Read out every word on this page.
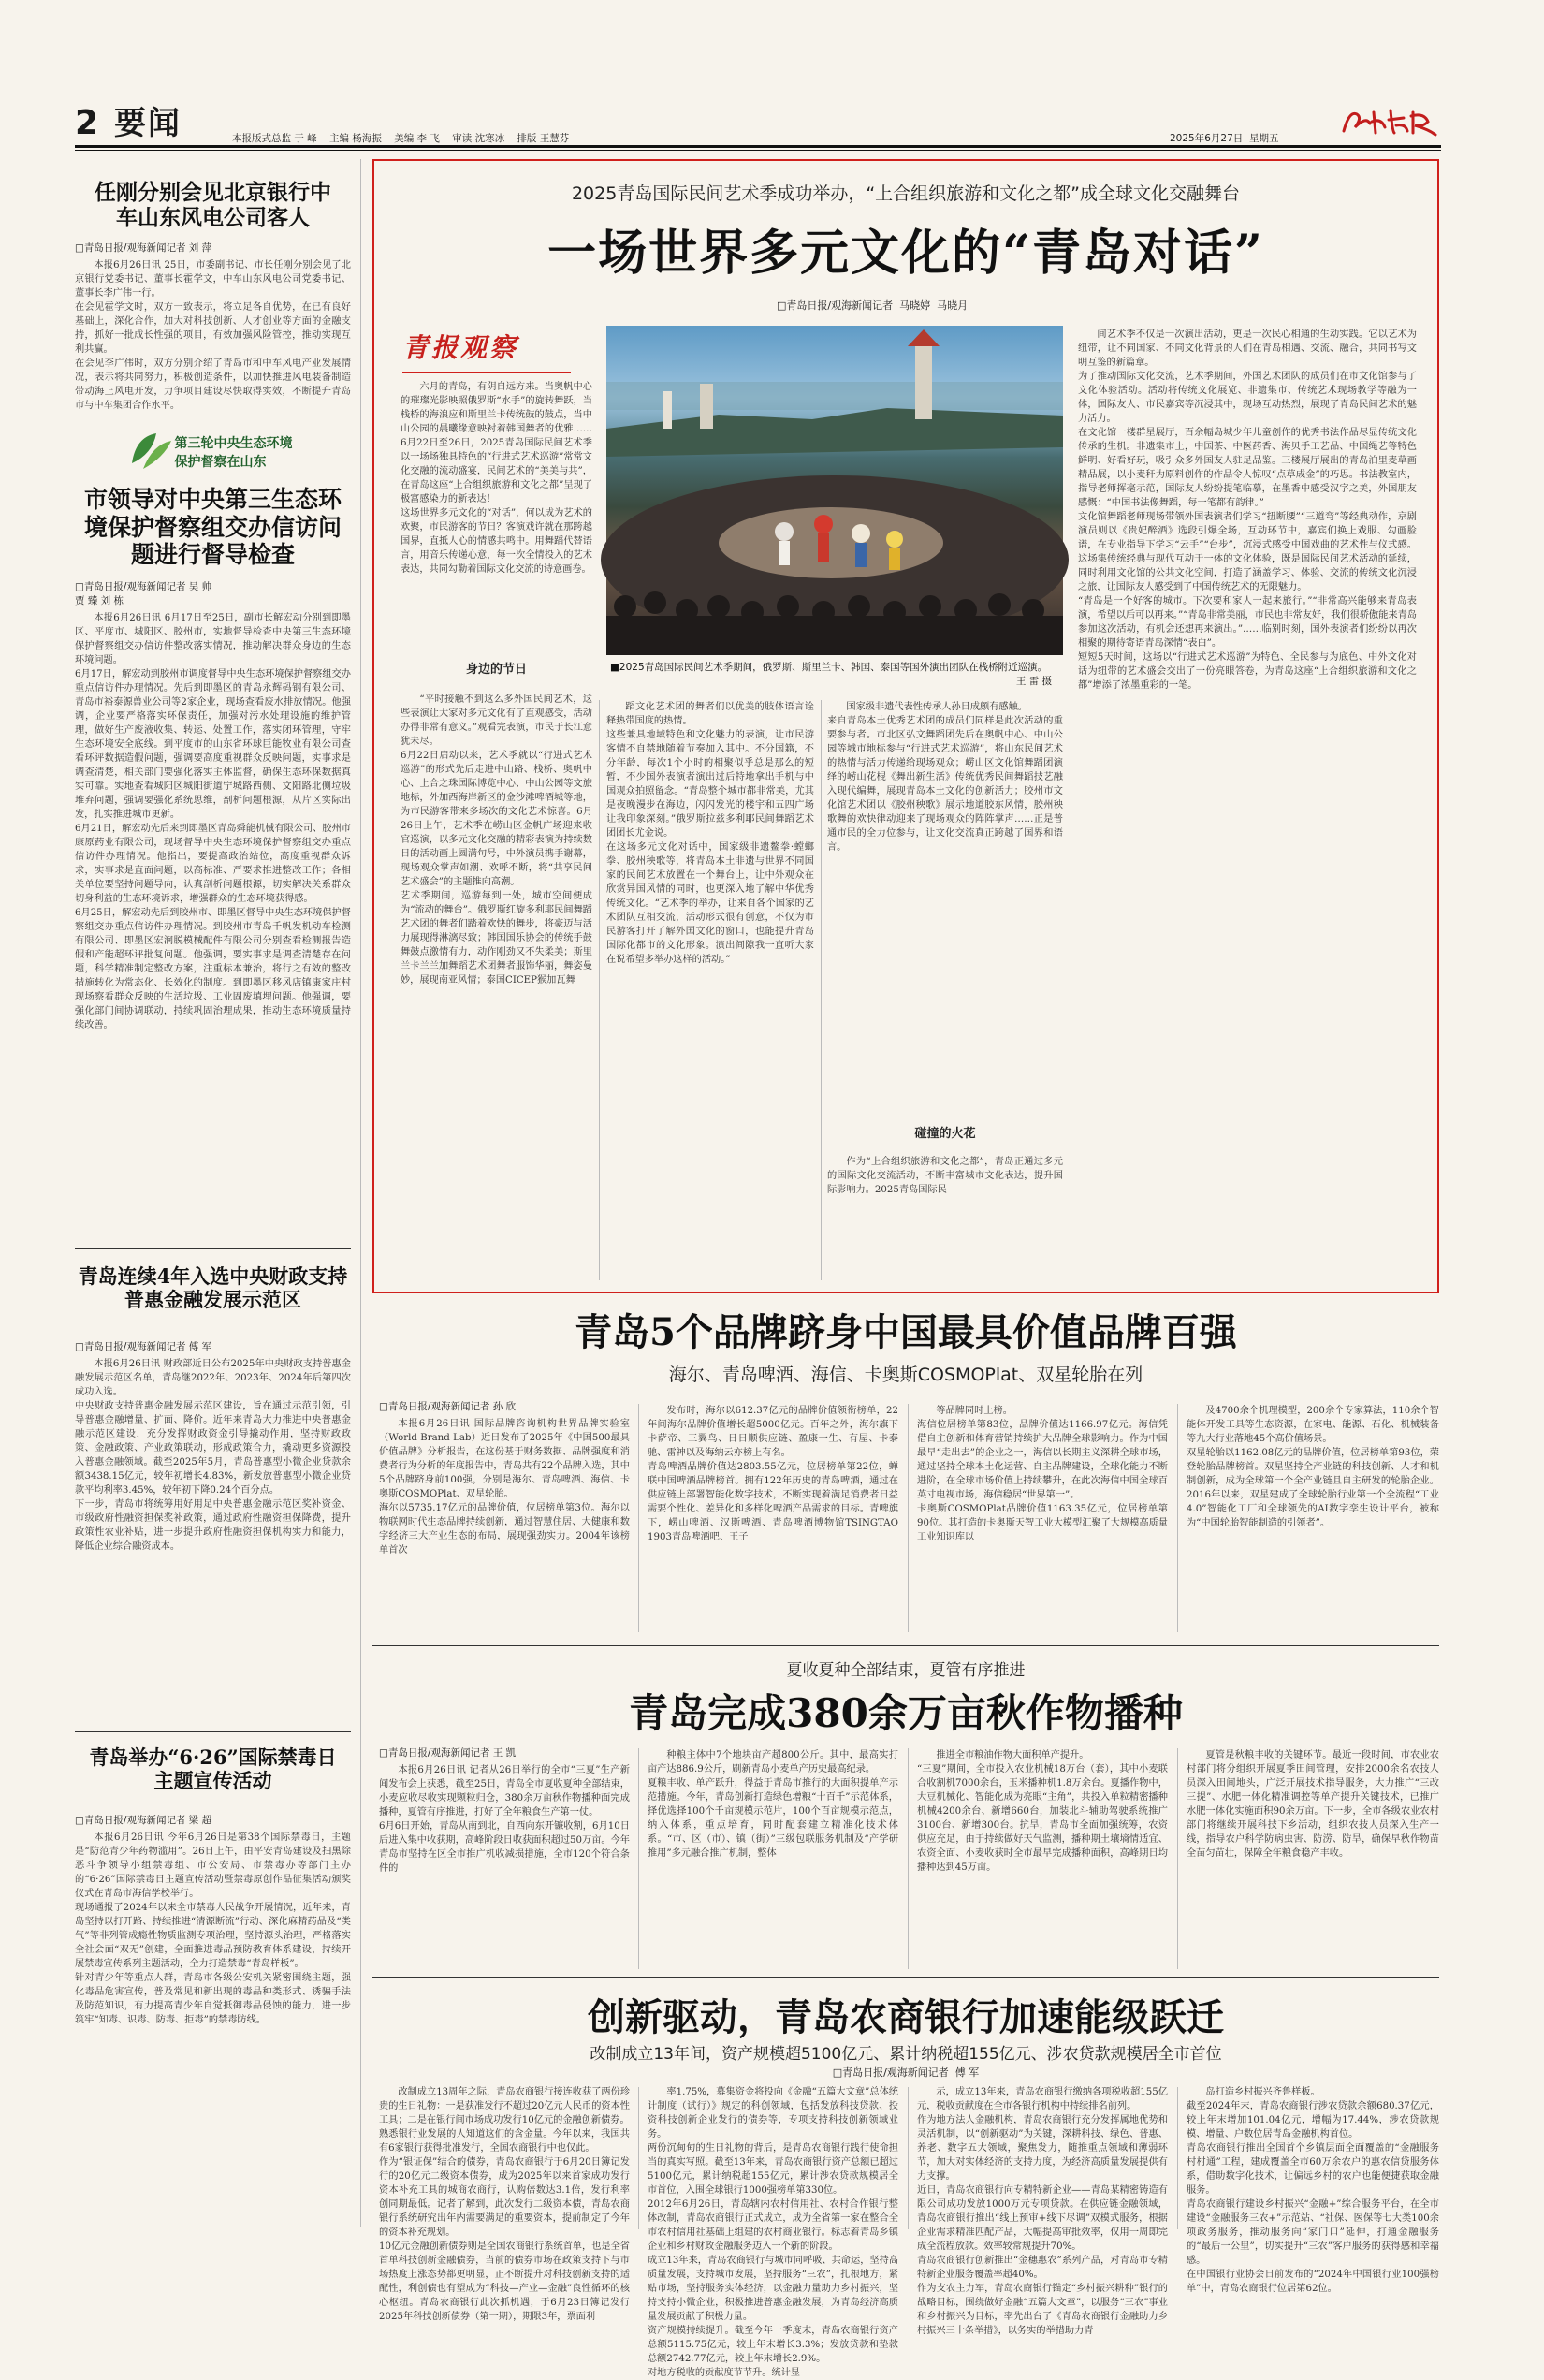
2 要闻	本报版式总监 于 峰    主编 杨海振    美编 李 飞    审读 沈寒冰    排版 王慧芬	2025年6月27日 星期五
任刚分别会见北京银行中车山东风电公司客人

□青岛日报/观海新闻记者 刘 萍

本报6月26日讯 25日，市委副书记、市长任刚分别会见了北京银行党委书记、董事长霍学文，中车山东风电公司党委书记、董事长李广伟一行。
在会见霍学文时，双方一致表示，将立足各自优势，在已有良好基础上，深化合作，加大对科技创新、人才创业等方面的金融支持，抓好一批成长性强的项目，有效加强风险管控，推动实现互利共赢。
在会见李广伟时，双方分别介绍了青岛市和中车风电产业发展情况，表示将共同努力，积极创造条件，以加快推进风电装备制造带动海上风电开发，力争项目建设尽快取得实效，不断提升青岛市与中车集团合作水平。

第三轮中央生态环境
保护督察在山东
市领导对中央第三生态环境保护督察组交办信访问题进行督导检查

□青岛日报/观海新闻记者 吴 帅
贾 臻 刘 栋

本报6月26日讯 6月17日至25日，副市长解宏动分别到即墨区、平度市、城阳区、胶州市，实地督导检查中央第三生态环境保护督察组交办信访件整改落实情况，推动解决群众身边的生态环境问题。
6月17日，解宏动到胶州市调度督导中央生态环境保护督察组交办重点信访件办理情况。先后到即墨区的青岛永辉码钢有限公司、青岛市裕泰源兽业公司等2家企业，现场查看废水排放情况。他强调，企业要严格落实环保责任，加强对污水处理设施的维护管理，做好生产废液收集、转运、处置工作，落实闭环管理，守牢生态环境安全底线。到平度市的山东省环球巨能牧业有限公司查看环评数据造假问题，强调要高度重视群众反映问题，实事求是调查清楚，相关部门要强化落实主体监督，确保生态环保数据真实可靠。实地查看城阳区城阳街道宁城路西侧、文阳路北侧垃圾堆弃问题，强调要强化系统思维，剖析问题根源，从片区实际出发，扎实推进城市更新。
6月21日，解宏动先后来到即墨区青岛舜能机械有限公司、胶州市康原药业有限公司，现场督导中央生态环境保护督察组交办重点信访件办理情况。他指出，要提高政治站位，高度重视群众诉求，实事求是直面问题，以高标准、严要求推进整改工作；各相关单位要坚持问题导向，认真剖析问题根源，切实解决关系群众切身利益的生态环境诉求，增强群众的生态环境获得感。
6月25日，解宏动先后到胶州市、即墨区督导中央生态环境保护督察组交办重点信访件办理情况。到胶州市青岛千帆发机动车检测有限公司、即墨区宏润脱模械配件有限公司分别查看检测报告造假和产能超环评批复问题。他强调，要实事求是调查清楚存在问题，科学精准制定整改方案，注重标本兼治，将行之有效的整改措施转化为常态化、长效化的制度。到即墨区移风店镇康家庄村现场察看群众反映的生活垃圾、工业固废填埋问题。他强调，要强化部门间协调联动，持续巩固治理成果，推动生态环境质量持续改善。

青岛连续4年入选中央财政支持普惠金融发展示范区

□青岛日报/观海新闻记者 傅 军

本报6月26日讯 财政部近日公布2025年中央财政支持普惠金融发展示范区名单，青岛继2022年、2023年、2024年后第四次成功入选。
中央财政支持普惠金融发展示范区建设，旨在通过示范引领，引导普惠金融增量、扩面、降价。近年来青岛大力推进中央普惠金融示范区建设，充分发挥财政资金引导撬动作用，坚持财政政策、金融政策、产业政策联动，形成政策合力，撬动更多资源投入普惠金融领域。截至2025年5月，青岛普惠型小微企业贷款余额3438.15亿元，较年初增长4.83%，新发放普惠型小微企业贷款平均利率3.45%，较年初下降0.24个百分点。
下一步，青岛市将统筹用好用足中央普惠金融示范区奖补资金、市级政府性融资担保奖补政策，通过政府性融资担保降费，提升政策性农业补贴，进一步提升政府性融资担保机构实力和能力，降低企业综合融资成本。

青岛举办“6·26”国际禁毒日主题宣传活动

□青岛日报/观海新闻记者 梁 超

本报6月26日讯 今年6月26日是第38个国际禁毒日，主题是“防范青少年药物滥用”。26日上午，由平安青岛建设及扫黑除恶斗争领导小组禁毒组、市公安局、市禁毒办等部门主办的“6·26”国际禁毒日主题宣传活动暨禁毒原创作品征集活动颁奖仪式在青岛市海信学校举行。
现场通报了2024年以来全市禁毒人民战争开展情况，近年来，青岛坚持以打开路、持续推进“清源断流”行动、深化麻精药品及“类气”等非列管成瘾性物质监测专项治理，坚持源头治理，严格落实全社会面“双无”创建，全面推进毒品预防教育体系建设，持续开展禁毒宣传系列主题活动，全力打造禁毒“青岛样板”。
针对青少年等重点人群，青岛市各级公安机关紧密围绕主题，强化毒品危害宣传，普及常见和新出现的毒品种类形式、诱骗手法及防范知识，有力提高青少年自觉抵御毒品侵蚀的能力，进一步筑牢“知毒、识毒、防毒、拒毒”的禁毒防线。

2025青岛国际民间艺术季成功举办，“上合组织旅游和文化之都”成全球文化交融舞台
一场世界多元文化的“青岛对话”
□青岛日报/观海新闻记者  马晓婷  马晓月
青报观察

六月的青岛，有阴自远方来。当奥帆中心的璀璨光影映照俄罗斯“水手”的旋转舞跃，当栈桥的海浪应和斯里兰卡传统鼓的鼓点，当中山公园的晨曦缘意映衬着韩国舞者的优雅……6月22日至26日，2025青岛国际民间艺术季以一场场独具特色的“行进式艺术巡游”常常文化交融的流动盛宴，民间艺术的“美美与共”，在青岛这座“上合组织旅游和文化之都”呈现了极富感染力的新表达！
这场世界多元文化的“对话”，何以成为艺术的欢聚，市民游客的节日？客演戏许就在那跨越国界，直抵人心的情感共鸣中。用舞蹈代替语言，用音乐传递心意，每一次全情投入的艺术表达，共同勾勒着国际文化交流的诗意画卷。

■2025青岛国际民间艺术季期间，俄罗斯、斯里兰卡、韩国、泰国等国外演出团队在栈桥附近巡演。
王 雷 摄
身边的节日

“平时接触不到这么多外国民间艺术，这些表演让大家对多元文化有了直观感受，活动办得非常有意义。”观看完表演，市民于长江意犹未尽。
6月22日启动以来，艺术季就以“行进式艺术巡游”的形式先后走进中山路、栈桥、奥帆中心、上合之珠国际博览中心、中山公园等文旅地标，外加西海岸新区的金沙滩啤酒城等地，为市民游客带来多场次的文化艺术惊喜。6月26日上午，艺术季在崂山区金帆广场迎来收官巡演，以多元文化交融的精彩表演为持续数日的活动画上圆满句号，中外演员携手谢幕，现场观众掌声如潮、欢呼不断，将“共享民间艺术盛会”的主题推向高潮。
艺术季期间，巡游每到一处，城市空间便成为“流动的舞台”。俄罗斯红旋多利耶民间舞蹈艺术团的舞者们踏着欢快的舞步，将豪迈与活力展现得淋漓尽致；韩国国乐协会的传统手鼓舞鼓点激情有力，动作刚劲又不失柔美；斯里兰卡兰兰加舞蹈艺术团舞者服饰华丽，舞姿曼妙，展现南亚风情；泰国CICEP猴加瓦舞

蹈文化艺术团的舞者们以优美的肢体语言诠释热带国度的热情。
这些兼具地域特色和文化魅力的表演，让市民游客情不自禁地随着节奏加入其中。不分国籍，不分年龄，每次1个小时的相聚似乎总是那么的短暂，不少国外表演者演出过后特地拿出手机与中国观众拍照留念。“青岛整个城市都非常美，尤其是夜晚漫步在海边，闪闪发光的楼宇和五四广场让我印象深刻。”俄罗斯拉兹多利耶民间舞蹈艺术团团长尤金说。
在这场多元文化对话中，国家级非遗鳌拳·螳螂拳、胶州秧歌等，将青岛本土非遗与世界不同国家的民间艺术放置在一个舞台上，让中外观众在欣赏异国风情的同时，也更深入地了解中华优秀传统文化。“艺术季的举办，让来自各个国家的艺术团队互相交流，活动形式很有创意，不仅为市民游客打开了解外国文化的窗口，也能提升青岛国际化都市的文化形象。演出间隙我一直听大家在说希望多举办这样的活动。”

国家级非遗代表性传承人孙日成颇有感触。
来自青岛本土优秀艺术团的成员们同样是此次活动的重要参与者。市北区弘文舞蹈团先后在奥帆中心、中山公园等城市地标参与“行进式艺术巡游”，将山东民间艺术的热情与活力传递给现场观众；崂山区文化馆舞蹈团演绎的崂山花棍《舞出新生活》传统优秀民间舞蹈技艺融入现代编舞，展现青岛本土文化的创新活力；胶州市文化馆艺术团以《胶州秧歌》展示地道胶东风情，胶州秧歌舞的欢快律动迎来了现场观众的阵阵掌声……正是普通市民的全力位参与，让文化交流真正跨越了国界和语言。

碰撞的火花

作为“上合组织旅游和文化之都”，青岛正通过多元的国际文化交流活动，不断丰富城市文化表达，提升国际影响力。2025青岛国际民

间艺术季不仅是一次演出活动，更是一次民心相通的生动实践。它以艺术为纽带，让不同国家、不同文化背景的人们在青岛相遇、交流、融合，共同书写文明互鉴的新篇章。
为了推动国际文化交流，艺术季期间，外国艺术团队的成员们在市文化馆参与了文化体验活动。活动将传统文化展览、非遗集市、传统艺术现场教学等融为一体，国际友人、市民嘉宾等沉浸其中，现场互动热烈，展现了青岛民间艺术的魅力活力。
在文化馆一楼群星展厅，百余幅岛城少年儿童创作的优秀书法作品尽显传统文化传承的生机。非遗集市上，中国茶、中医药香、海贝手工艺品、中国绳艺等特色鲜明、好看好玩，吸引众多外国友人驻足品鉴。三楼展厅展出的青岛泊里麦草画精品展，以小麦秆为原料创作的作品令人惊叹“点草成金”的巧思。书法教室内，指导老师挥毫示范，国际友人纷纷提笔临摹，在墨香中感受汉字之美，外国朋友感慨：“中国书法像舞蹈，每一笔都有韵律。”
文化馆舞蹈老师现场带领外国表演者们学习“扭断腰”“三道弯”等经典动作，京剧演员则以《贵妃醉酒》选段引爆全场，互动环节中，嘉宾们换上戏服、勾画脸谱，在专业指导下学习“云手”“台步”，沉浸式感受中国戏曲的艺术性与仪式感。这场集传统经典与现代互动于一体的文化体验，既是国际民间艺术活动的延续，同时利用文化馆的公共文化空间，打造了涵盖学习、体验、交流的传统文化沉浸之旅，让国际友人感受到了中国传统艺术的无限魅力。
“青岛是一个好客的城市。下次要和家人一起来旅行。”“非常高兴能够来青岛表演，希望以后可以再来。”“青岛非常美丽，市民也非常友好，我们很骄傲能来青岛参加这次活动，有机会还想再来演出。”……临别时刻，国外表演者们纷纷以再次相聚的期待寄语青岛深情“表白”。
短短5天时间，这场以“行进式艺术巡游”为特色、全民参与为底色、中外文化对话为纽带的艺术盛会交出了一份亮眼答卷，为青岛这座“上合组织旅游和文化之都”增添了浓墨重彩的一笔。

青岛5个品牌跻身中国最具价值品牌百强
海尔、青岛啤酒、海信、卡奥斯COSMOPlat、双星轮胎在列

□青岛日报/观海新闻记者 孙 欣

本报6月26日讯 国际品牌咨询机构世界品牌实验室（World Brand Lab）近日发布了2025年《中国500最具价值品牌》分析报告，在这份基于财务数据、品牌强度和消费者行为分析的年度报告中，青岛共有22个品牌入选，其中5个品牌跻身前100强，分别是海尔、青岛啤酒、海信、卡奥斯COSMOPlat、双星轮胎。
海尔以5735.17亿元的品牌价值，位居榜单第3位。海尔以物联网时代生态品牌持续创新，通过智慧住居、大健康和数字经济三大产业生态的布局，展现强劲实力。2004年该榜单首次

发布时，海尔以612.37亿元的品牌价值领衔榜单，22年间海尔品牌价值增长超5000亿元。百年之外，海尔旗下卡萨帝、三翼鸟、日日顺供应链、盈康一生、有屋、卡泰驰、雷神以及海纳云亦榜上有名。
青岛啤酒品牌价值达2803.55亿元，位居榜单第22位，蝉联中国啤酒品牌榜首。拥有122年历史的青岛啤酒，通过在供应链上部署智能化数字技术，不断实现着满足消费者日益需要个性化、差异化和多样化啤酒产品需求的目标。青啤旗下，崂山啤酒、汉斯啤酒、青岛啤酒博物馆TSINGTAO 1903青岛啤酒吧、王子

等品牌同时上榜。
海信位居榜单第83位，品牌价值达1166.97亿元。海信凭借自主创新和体育营销持续扩大品牌全球影响力。作为中国最早“走出去”的企业之一，海信以长期主义深耕全球市场，通过坚持全球本土化运营、自主品牌建设，全球化能力不断进阶，在全球市场价值上持续攀升，在此次海信中国全球百英寸电视市场，海信稳居“世界第一”。
卡奥斯COSMOPlat品牌价值1163.35亿元，位居榜单第90位。其打造的卡奥斯天智工业大模型汇聚了大规模高质量工业知识库以

及4700余个机理模型，200余个专家算法，110余个智能体开发工具等生态资源，在家电、能源、石化、机械装备等九大行业落地45个高价值场景。
双星轮胎以1162.08亿元的品牌价值，位居榜单第93位，荣登轮胎品牌榜首。双星坚持全产业链的科技创新、人才和机制创新，成为全球第一个全产业链且自主研发的轮胎企业。2016年以来，双星建成了全球轮胎行业第一个全流程“工业4.0”智能化工厂和全球领先的AI数字孪生设计平台，被称为“中国轮胎智能制造的引领者”。

夏收夏种全部结束，夏管有序推进
青岛完成380余万亩秋作物播种

□青岛日报/观海新闻记者 王 凯

本报6月26日讯 记者从26日举行的全市“三夏”生产新闻发布会上获悉，截至25日，青岛全市夏收夏种全部结束，小麦应收尽收实现颗粒归仓，380余万亩秋作物播种面完成播种，夏管有序推进，打好了全年粮食生产第一仗。
6月6日开始，青岛从南到北，自西向东开镰收割，6月10日后进入集中收获期，高峰阶段日收获面积超过50万亩。今年青岛市坚持在区全市推广机收减损措施，全市120个符合条件的

种粮主体中7个地块亩产超800公斤。其中，最高实打亩产达886.9公斤，刷新青岛小麦单产历史最高纪录。
夏粮丰收、单产跃升，得益于青岛市推行的大面积提单产示范措施。今年，青岛创新打造绿色增粮“十百千”示范体系，择优选择100个千亩规模示范片，100个百亩规模示范点，纳入体系，重点培育，同时配套建立精准化技术体系。“市、区（市）、镇（街）”三级包联服务机制及“产学研推用”多元融合推广机制，整体

推进全市粮油作物大面积单产提升。
“三夏”期间，全市投入农业机械18万台（套），其中小麦联合收割机7000余台，玉米播种机1.8万余台。夏播作物中，大豆机械化、智能化成为亮眼“主角”，共投入单粒精密播种机械4200余台、新增660台，加装北斗辅助驾驶系统推广3100台、新增300台。抗旱，青岛市全面加强统筹，农资供应充足，由于持续做好天气监测，播种期土壤墒情适宜、农资全面、小麦收获时全市最早完成播种面积，高峰期日均播种达到45万亩。

夏管是秋粮丰收的关键环节。最近一段时间，市农业农村部门将分组织开展夏季田间管理，安排2000余名农技人员深入田间地头，广泛开展技术指导服务，大力推广“三改三提”、水肥一体化精准调控等单产提升关键技术，已推广水肥一体化实施面积90余万亩。下一步，全市各级农业农村部门将继续开展科技下乡活动，组织农技人员深入生产一线，指导农户科学防病虫害、防涝、防旱，确保早秋作物苗全苗匀苗壮，保障全年粮食稳产丰收。

创新驱动，青岛农商银行加速能级跃迁
改制成立13年间，资产规模超5100亿元、累计纳税超155亿元、涉农贷款规模居全市首位
□青岛日报/观海新闻记者  傅 军

改制成立13周年之际，青岛农商银行接连收获了两份珍贵的生日礼物：一是获准发行不超过20亿元人民币的资本性工具；二是在银行间市场成功发行10亿元的金融创新债券。
熟悉银行业发展的人知道这们的含金量。今年以来，我国共有6家银行获得批准发行，全国农商银行中也仅此。
作为“银证保”结合的债券，青岛农商银行于6月20日簿记发行的20亿元二级资本债券，成为2025年以来首家成功发行资本补充工具的城商农商行，认购倍数达3.1倍，发行利率创同期最低。记者了解到，此次发行二级资本债，青岛农商银行系统研究出年内需要满足的重要资本，提前制定了今年的资本补充规划。
10亿元金融创新债券则是全国农商银行系统首单，也是全省首单科技创新金融债券，当前的债券市场在政策支持下与市场热度上涨态势都更明显，正不断提升对科技创新支持的适配性，利创债也有望成为“科技—产业—金融”良性循环的核心枢纽。青岛农商银行此次抓机遇，于6月23日簿记发行2025年科技创新债券（第一期），期限3年，票面利

率1.75%，募集资金将投向《金融“五篇大文章”总体统计制度（试行）》规定的科创领域，包括发放科技贷款、投资科技创新企业发行的债券等，专项支持科技创新领域业务。
两份沉甸甸的生日礼物的背后，是青岛农商银行践行使命担当的真实写照。截至13年来，青岛农商银行资产总额已超过5100亿元，累计纳税超155亿元，累计涉农贷款规模居全市首位，入围全球银行1000强榜单第330位。
2012年6月26日，青岛辖内农村信用社、农村合作银行整体改制，青岛农商银行正式成立，成为全省第一家在整合全市农村信用社基础上组建的农村商业银行。标志着青岛乡镇企业和乡村财政金融服务迈入一个新的阶段。
成立13年来，青岛农商银行与城市同呼吸、共命运，坚持高质量发展，支持城市发展，坚持服务“三农”，扎根地方，紧贴市场，坚持服务实体经济，以金融力量助力乡村振兴，坚持支持小微企业，积极推进普惠金融发展，为青岛经济高质量发展贡献了积极力量。
资产规模持续提升。截至今年一季度末，青岛农商银行资产总额5115.75亿元，较上年末增长3.3%；发放贷款和垫款总额2742.77亿元，较上年末增长2.9%。
对地方税收的贡献度节节升。统计显

示，成立13年来，青岛农商银行缴纳各项税收超155亿元，税收贡献度在全市各银行机构中持续排名前列。
作为地方法人金融机构，青岛农商银行充分发挥属地优势和灵活机制，以“创新驱动”为关键，深耕科技、绿色、普惠、养老、数字五大领域，聚焦发力，随推重点领域和薄弱环节，加大对实体经济的支持力度，为经济高质量发展提供有力支撑。
近日，青岛农商银行向专精特新企业——青岛某精密铸造有限公司成功发放1000万元专项贷款。在供应链金融领域，青岛农商银行推出“线上预审+线下尽调”双模式服务，根据企业需求精准匹配产品，大幅提高审批效率，仅用一周即完成全流程放款。效率较常规提升70%。
青岛农商银行创新推出“金穗惠农”系列产品，对青岛市专精特新企业服务覆盖率超40%。
作为支农主力军，青岛农商银行锚定“乡村振兴耕种”银行的战略目标，围绕做好金融“五篇大文章”，以服务“三农”事业和乡村振兴为目标，率先出台了《青岛农商银行金融助力乡村振兴三十条举措》，以务实的举措助力青

岛打造乡村振兴齐鲁样板。
截至2024年末，青岛农商银行涉农贷款余额680.37亿元，较上年末增加101.04亿元，增幅为17.44%，涉农贷款规模、增量、户数位居青岛金融机构首位。
青岛农商银行推出全国首个乡镇层面全面覆盖的“金融服务村村通”工程，建成覆盖全市60万余农户的惠农信贷服务体系，借助数字化技术，让偏远乡村的农户也能便捷获取金融服务。
青岛农商银行建设乡村振兴“金融+”综合服务平台，在全市建设“金融服务三农+”示范站、“社保、医保等七大类100余项政务服务，推动服务向“家门口”延伸，打通金融服务的“最后一公里”，切实提升“三农”客户服务的获得感和幸福感。
在中国银行业协会日前发布的“2024年中国银行业100强榜单”中，青岛农商银行位居第62位。
